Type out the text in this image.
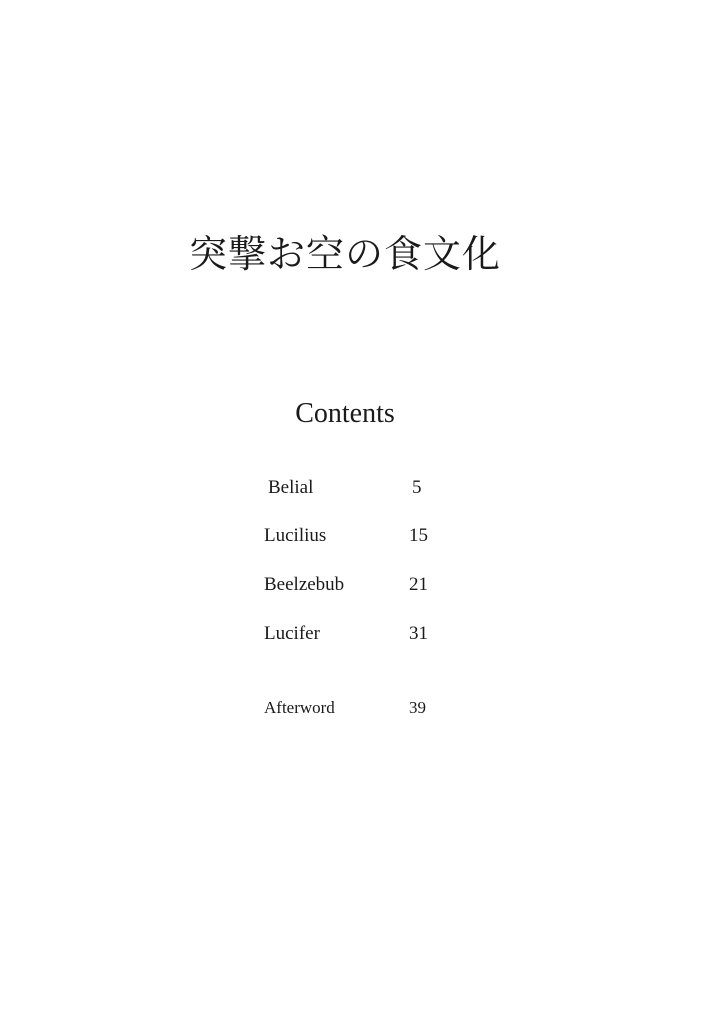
突撃お空の食文化
Contents
Belial	5
Lucilius	15
Beelzebub	21
Lucifer	31
Afterword	39
